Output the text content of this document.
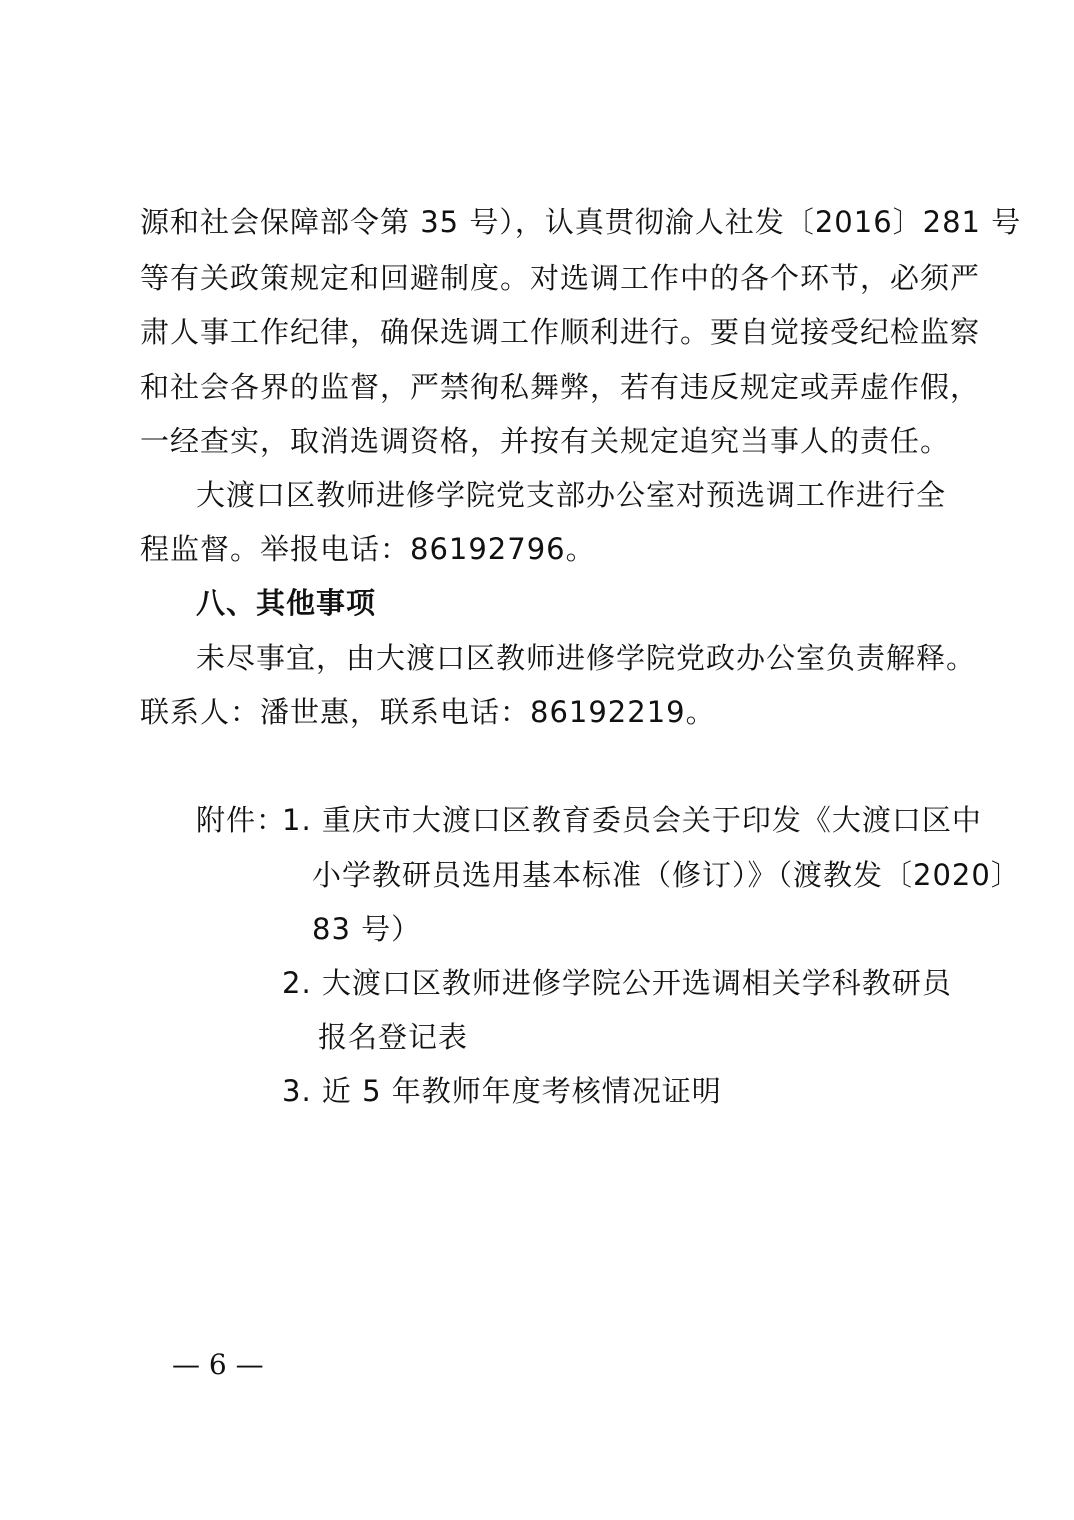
源和社会保障部令第 35 号），认真贯彻渝人社发〔2016〕281 号
等有关政策规定和回避制度。对选调工作中的各个环节，必须严
肃人事工作纪律，确保选调工作顺利进行。要自觉接受纪检监察
和社会各界的监督，严禁徇私舞弊，若有违反规定或弄虚作假，
一经查实，取消选调资格，并按有关规定追究当事人的责任。
大渡口区教师进修学院党支部办公室对预选调工作进行全
程监督。举报电话：86192796。
八、其他事项
未尽事宜，由大渡口区教师进修学院党政办公室负责解释。
联系人：潘世惠，联系电话：86192219。
附件：
1. 重庆市大渡口区教育委员会关于印发《大渡口区中
小学教研员选用基本标准（修订）》（渡教发〔2020〕
83 号）
2. 大渡口区教师进修学院公开选调相关学科教研员
报名登记表
3. 近 5 年教师年度考核情况证明
— 6 —
